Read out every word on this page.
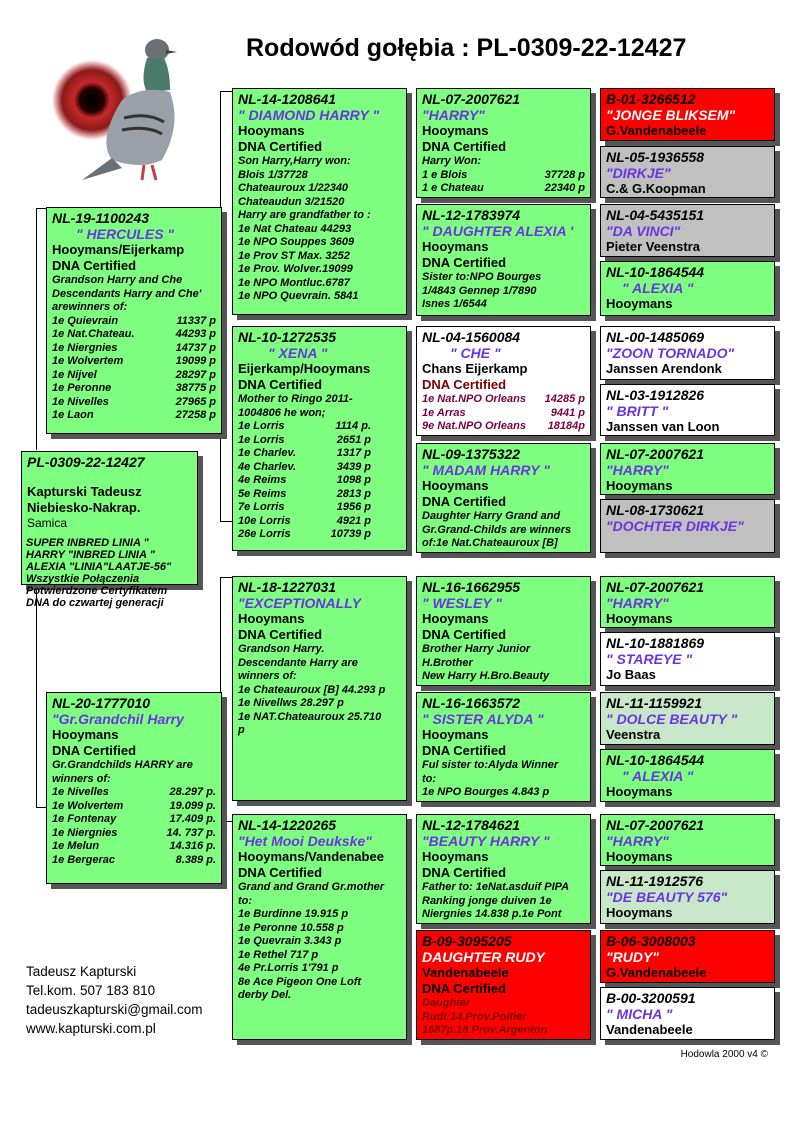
Rodowód gołębia : PL-0309-22-12427
PL-0309-22-12427
Kapturski Tadeusz
Niebiesko-Nakrap.
Samica
SUPER INBRED LINIA "
HARRY "INBRED LINIA "
ALEXIA "LINIA"LAATJE-56"
Wszystkie Połączenia
Potwierdzone Certyfikatem
DNA do czwartej generacji
NL-19-1100243
" HERCULES "
Hooymans/Eijerkamp
DNA Certified
Grandson Harry and Che
Descendants Harry and Che'
arewinners of:
1e Quievrain	11337 p
1e Nat.Chateau.	44293 p
1e Niergnies	14737 p
1e Wolvertem	19099 p
1e Nijvel	28297 p
1e Peronne	38775 p
1e Nivelles	27965 p
1e Laon	27258 p
NL-20-1777010
"Gr.Grandchil Harry
Hooymans
DNA Certified
Gr.Grandchilds HARRY are
winners of:
1e Nivelles	28.297 p.
1e Wolvertem	19.099 p.
1e Fontenay	17.409 p.
1e Niergnies	14. 737 p.
1e Melun	14.316 p.
1e Bergerac	8.389 p.
NL-14-1208641
" DIAMOND HARRY "
Hooymans
DNA Certified
Son Harry,Harry won:
Blois 1/37728
Chateauroux 1/22340
Chateaudun 3/21520
Harry are grandfather to :
1e Nat Chateau 44293
1e NPO Souppes 3609
1e Prov ST Max. 3252
1e Prov. Wolver.19099
1e NPO Montluc.6787
1e NPO Quevrain. 5841
NL-10-1272535
" XENA "
Eijerkamp/Hooymans
DNA Certified
Mother to Ringo 2011-
1004806 he won;
1e Lorris	1114 p.
1e Lorris	2651 p
1e Charlev.	1317 p
4e Charlev.	3439 p
4e Reims	1098 p
5e Reims	2813 p
7e Lorris	1956 p
10e Lorris	4921 p
26e Lorris	10739 p
NL-18-1227031
"EXCEPTIONALLY
Hooymans
DNA Certified
Grandson Harry.
Descendante Harry are
winners of:
1e Chateauroux [B] 44.293 p
1e Nivellws 28.297 p
1e NAT.Chateauroux 25.710
p
NL-14-1220265
"Het Mooi Deukske"
Hooymans/Vandenabee
DNA Certified
Grand and Grand Gr.mother
to:
1e Burdinne 19.915 p
1e Peronne 10.558 p
1e Quevrain 3.343 p
1e Rethel 717 p
4e Pr.Lorris 1'791 p
8e Ace Pigeon One Loft
derby Del.
NL-07-2007621
"HARRY"
Hooymans
DNA Certified
Harry Won:
1 e Blois	37728 p
1 e Chateau	22340 p
NL-12-1783974
" DAUGHTER ALEXIA '
Hooymans
DNA Certified
Sister to:NPO Bourges
1/4843 Gennep 1/7890
Isnes 1/6544
NL-04-1560084
" CHE "
Chans Eijerkamp
DNA Certified
1e Nat.NPO Orleans 14285 p
1e Arras	9441 p
9e Nat.NPO Orleans 18184p
NL-09-1375322
" MADAM HARRY "
Hooymans
DNA Certified
Daughter Harry Grand and
Gr.Grand-Childs are winners
of:1e Nat.Chateauroux [B]
NL-16-1662955
" WESLEY "
Hooymans
DNA Certified
Brother Harry Junior
H.Brother
New Harry H.Bro.Beauty
NL-16-1663572
" SISTER ALYDA "
Hooymans
DNA Certified
Ful sister to:Alyda Winner
to:
1e NPO Bourges 4.843 p
NL-12-1784621
"BEAUTY HARRY "
Hooymans
DNA Certified
Father to: 1eNat.asduif PIPA
Ranking jonge duiven 1e
Niergnies 14.838 p.1e Pont
B-09-3095205
DAUGHTER RUDY
Vandenabeele
DNA Certified
Daughter
Rudi:14.Prov.Poitier
1687p.18.Prov.Argenton
B-01-3266512
"JONGE BLIKSEM"
G.Vandenabeele
NL-05-1936558
"DIRKJE"
C.& G.Koopman
NL-04-5435151
"DA VINCI"
Pieter Veenstra
NL-10-1864544
" ALEXIA "
Hooymans
NL-00-1485069
"ZOON TORNADO"
Janssen Arendonk
NL-03-1912826
" BRITT "
Janssen van Loon
NL-07-2007621
"HARRY"
Hooymans
NL-08-1730621
"DOCHTER DIRKJE"
NL-07-2007621
"HARRY"
Hooymans
NL-10-1881869
" STAREYE "
Jo Baas
NL-11-1159921
" DOLCE BEAUTY "
Veenstra
NL-10-1864544
" ALEXIA "
Hooymans
NL-07-2007621
"HARRY"
Hooymans
NL-11-1912576
"DE BEAUTY 576"
Hooymans
B-06-3008003
"RUDY"
G.Vandenabeele
B-00-3200591
" MICHA "
Vandenabeele
Tadeusz Kapturski
Tel.kom. 507 183 810
tadeuszkapturski@gmail.com
www.kapturski.com.pl
Hodowla 2000 v4 ©
